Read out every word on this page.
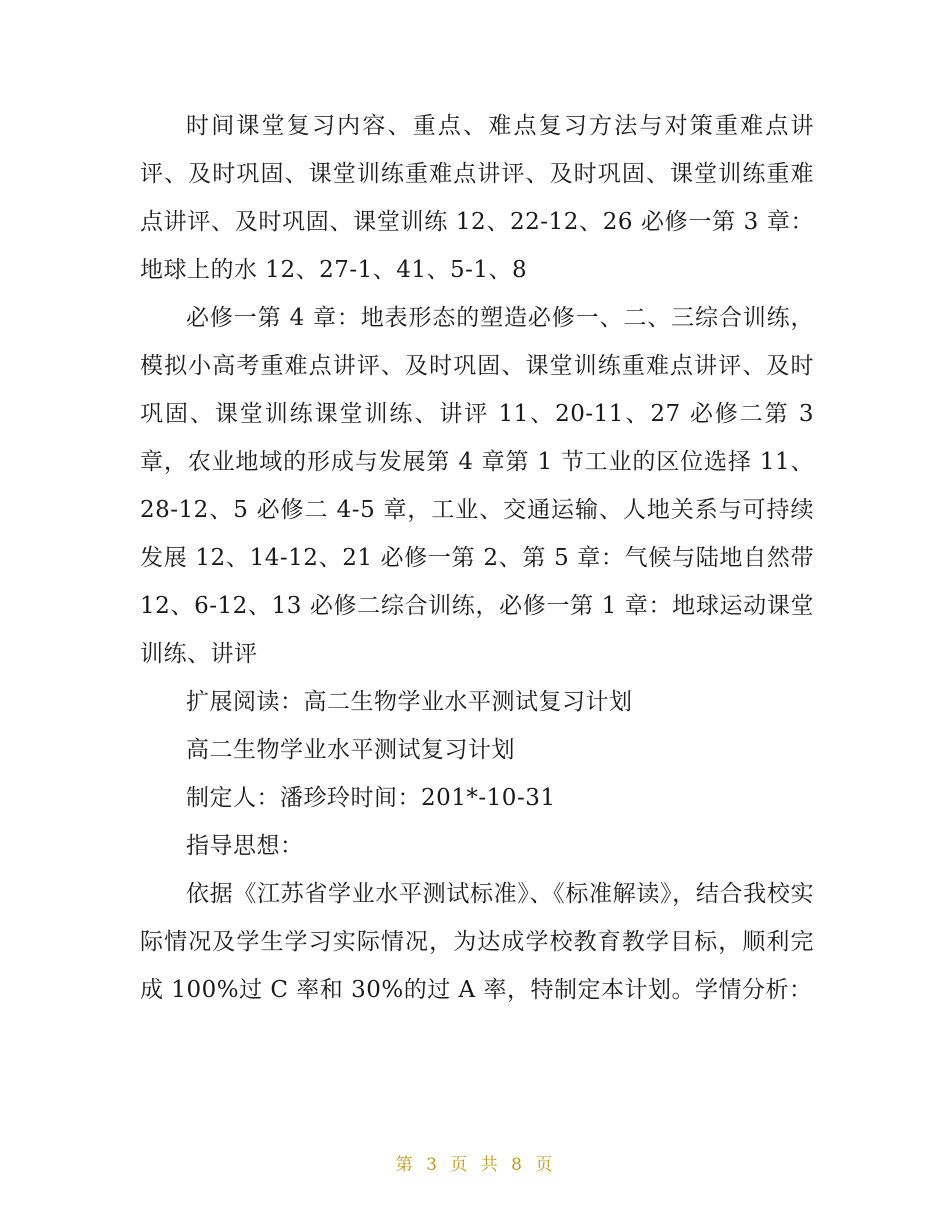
时间课堂复习内容、重点、难点复习方法与对策重难点讲评、及时巩固、课堂训练重难点讲评、及时巩固、课堂训练重难点讲评、及时巩固、课堂训练 12、22-12、26 必修一第 3 章：地球上的水 12、27-1、41、5-1、8

必修一第 4 章：地表形态的塑造必修一、二、三综合训练，模拟小高考重难点讲评、及时巩固、课堂训练重难点讲评、及时巩固、课堂训练课堂训练、讲评 11、20-11、27 必修二第 3 章，农业地域的形成与发展第 4 章第 1 节工业的区位选择 11、28-12、5 必修二 4-5 章，工业、交通运输、人地关系与可持续发展 12、14-12、21 必修一第 2、第 5 章：气候与陆地自然带 12、6-12、13 必修二综合训练，必修一第 1 章：地球运动课堂训练、讲评

扩展阅读：高二生物学业水平测试复习计划

高二生物学业水平测试复习计划

制定人：潘珍玲时间：201*-10-31

指导思想：

依据《江苏省学业水平测试标准》、《标准解读》，结合我校实际情况及学生学习实际情况，为达成学校教育教学目标，顺利完成 100%过 C 率和 30%的过 A 率，特制定本计划。学情分析：

第 3 页 共 8 页
